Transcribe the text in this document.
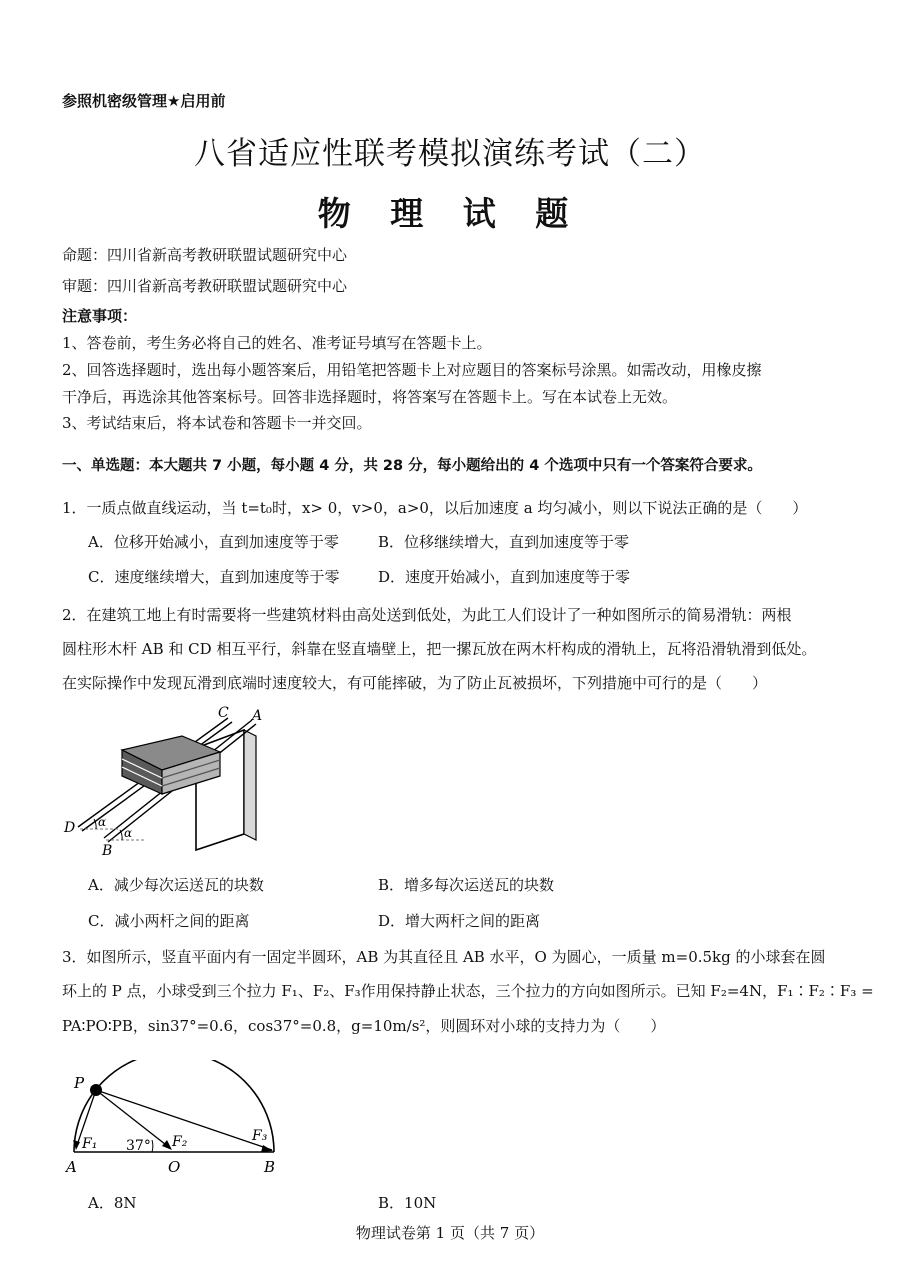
参照机密级管理★启用前
八省适应性联考模拟演练考试（二）
物 理 试 题
命题：四川省新高考教研联盟试题研究中心
审题：四川省新高考教研联盟试题研究中心
注意事项：
1、答卷前，考生务必将自己的姓名、准考证号填写在答题卡上。
2、回答选择题时，选出每小题答案后，用铅笔把答题卡上对应题目的答案标号涂黑。如需改动，用橡皮擦
干净后，再选涂其他答案标号。回答非选择题时，将答案写在答题卡上。写在本试卷上无效。
3、考试结束后，将本试卷和答题卡一并交回。
一、单选题：本大题共 7 小题，每小题 4 分，共 28 分，每小题给出的 4 个选项中只有一个答案符合要求。
1．一质点做直线运动，当 t=t₀时，x> 0，v>0，a>0，以后加速度 a 均匀减小，则以下说法正确的是（　　）
A．位移开始减小，直到加速度等于零	B．位移继续增大，直到加速度等于零
C．速度继续增大，直到加速度等于零	D．速度开始减小，直到加速度等于零
2．在建筑工地上有时需要将一些建筑材料由高处送到低处，为此工人们设计了一种如图所示的简易滑轨：两根
圆柱形木杆 AB 和 CD 相互平行，斜靠在竖直墙壁上，把一摞瓦放在两木杆构成的滑轨上，瓦将沿滑轨滑到低处。
在实际操作中发现瓦滑到底端时速度较大，有可能摔破，为了防止瓦被损坏，下列措施中可行的是（　　）
C A
D
B
α
α
A．减少每次运送瓦的块数	B．增多每次运送瓦的块数
C．减小两杆之间的距离	D．增大两杆之间的距离
3．如图所示，竖直平面内有一固定半圆环，AB 为其直径且 AB 水平，O 为圆心，一质量 m=0.5kg 的小球套在圆
环上的 P 点，小球受到三个拉力 F₁、F₂、F₃作用保持静止状态，三个拉力的方向如图所示。已知 F₂=4N，F₁∶F₂∶F₃ =
PA∶PO∶PB，sin37°=0.6，cos37°=0.8，g=10m/s²，则圆环对小球的支持力为（　　）
P
A	O	B
F₁	F₂	F₃
37°
A．8N	B．10N
物理试卷第 1 页（共 7 页）
